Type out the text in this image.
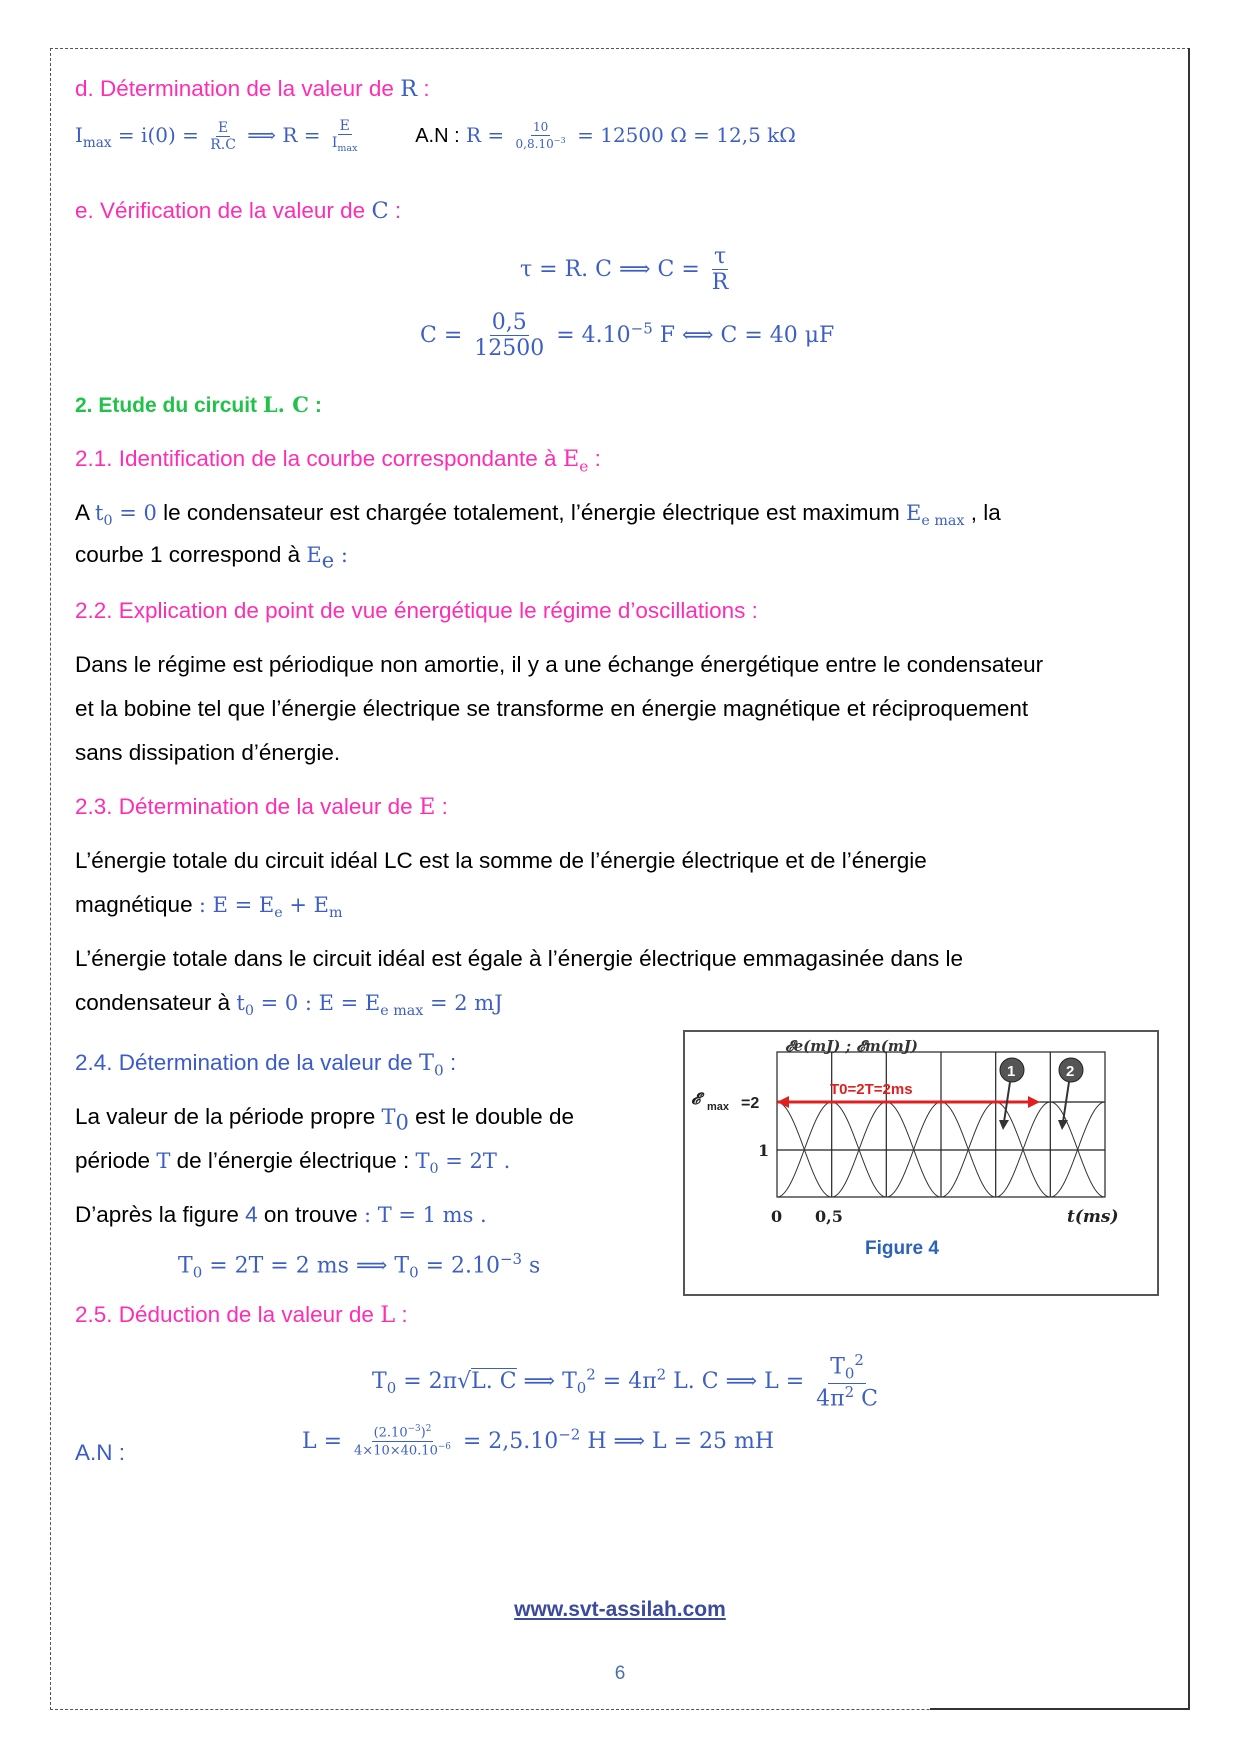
d. Détermination de la valeur de R :
$I_{max} = i(0) = \frac{E}{R.C}$ ⟹ $R = \frac{E}{I_{max}}$	A.N : $R = \frac{10}{0,8.10^{-3}} = 12500$ Ω = 12,5 kΩ
e. Vérification de la valeur de C :
τ = R. C ⟹ $C = \frac{\tau}{R}$
$C = \frac{0,5}{12500} = 4.10^{-5}$ F ⟺ C = 40 μF
2. Etude du circuit L. C :
2.1. Identification de la courbe correspondante à $E_e$ :
A $t_0 = 0$ le condensateur est chargée totalement, l’énergie électrique est maximum $E_{e max}$ , la
courbe 1 correspond à $E_e$ :
2.2. Explication de point de vue énergétique le régime d’oscillations :
Dans le régime est périodique non amortie, il y a une échange énergétique entre le condensateur
et la bobine tel que l’énergie électrique se transforme en énergie magnétique et réciproquement
sans dissipation d’énergie.
2.3. Détermination de la valeur de E :
L’énergie totale du circuit idéal LC est la somme de l’énergie électrique et de l’énergie
magnétique : $E = E_e + E_m$
L’énergie totale dans le circuit idéal est égale à l’énergie électrique emmagasinée dans le
condensateur à $t_0 = 0$ : $E = E_{e max} = 2$ mJ
2.4. Détermination de la valeur de $T_0$ :
La valeur de la période propre $T_0$ est le double de
période T de l’énergie électrique : $T_0 = 2T$ .
D’après la figure 4 on trouve : T = 1 ms .
$T_0 = 2T = 2$ ms ⟹ $T_0 = 2.10^{-3}$ s
T0=2T=2ms
𝓔e(mJ) ; 𝓔m(mJ)
𝓔 max =2
1
0 0,5	t(ms)
1	2
Figure 4
2.5. Déduction de la valeur de L :
$T_0 = 2\pi√L$. C ⟹ $T_0^2 = 4\pi^2$ L. C ⟹ $L = \frac{T_0^2}{4\pi^2 C}$
A.N :	$L = \frac{(2.10^{-3})^2}{4\times 10\times 40.10^{-6}} = 2,5.10^{-2}$ H ⟹ L = 25 mH
www.svt-assilah.com
6
